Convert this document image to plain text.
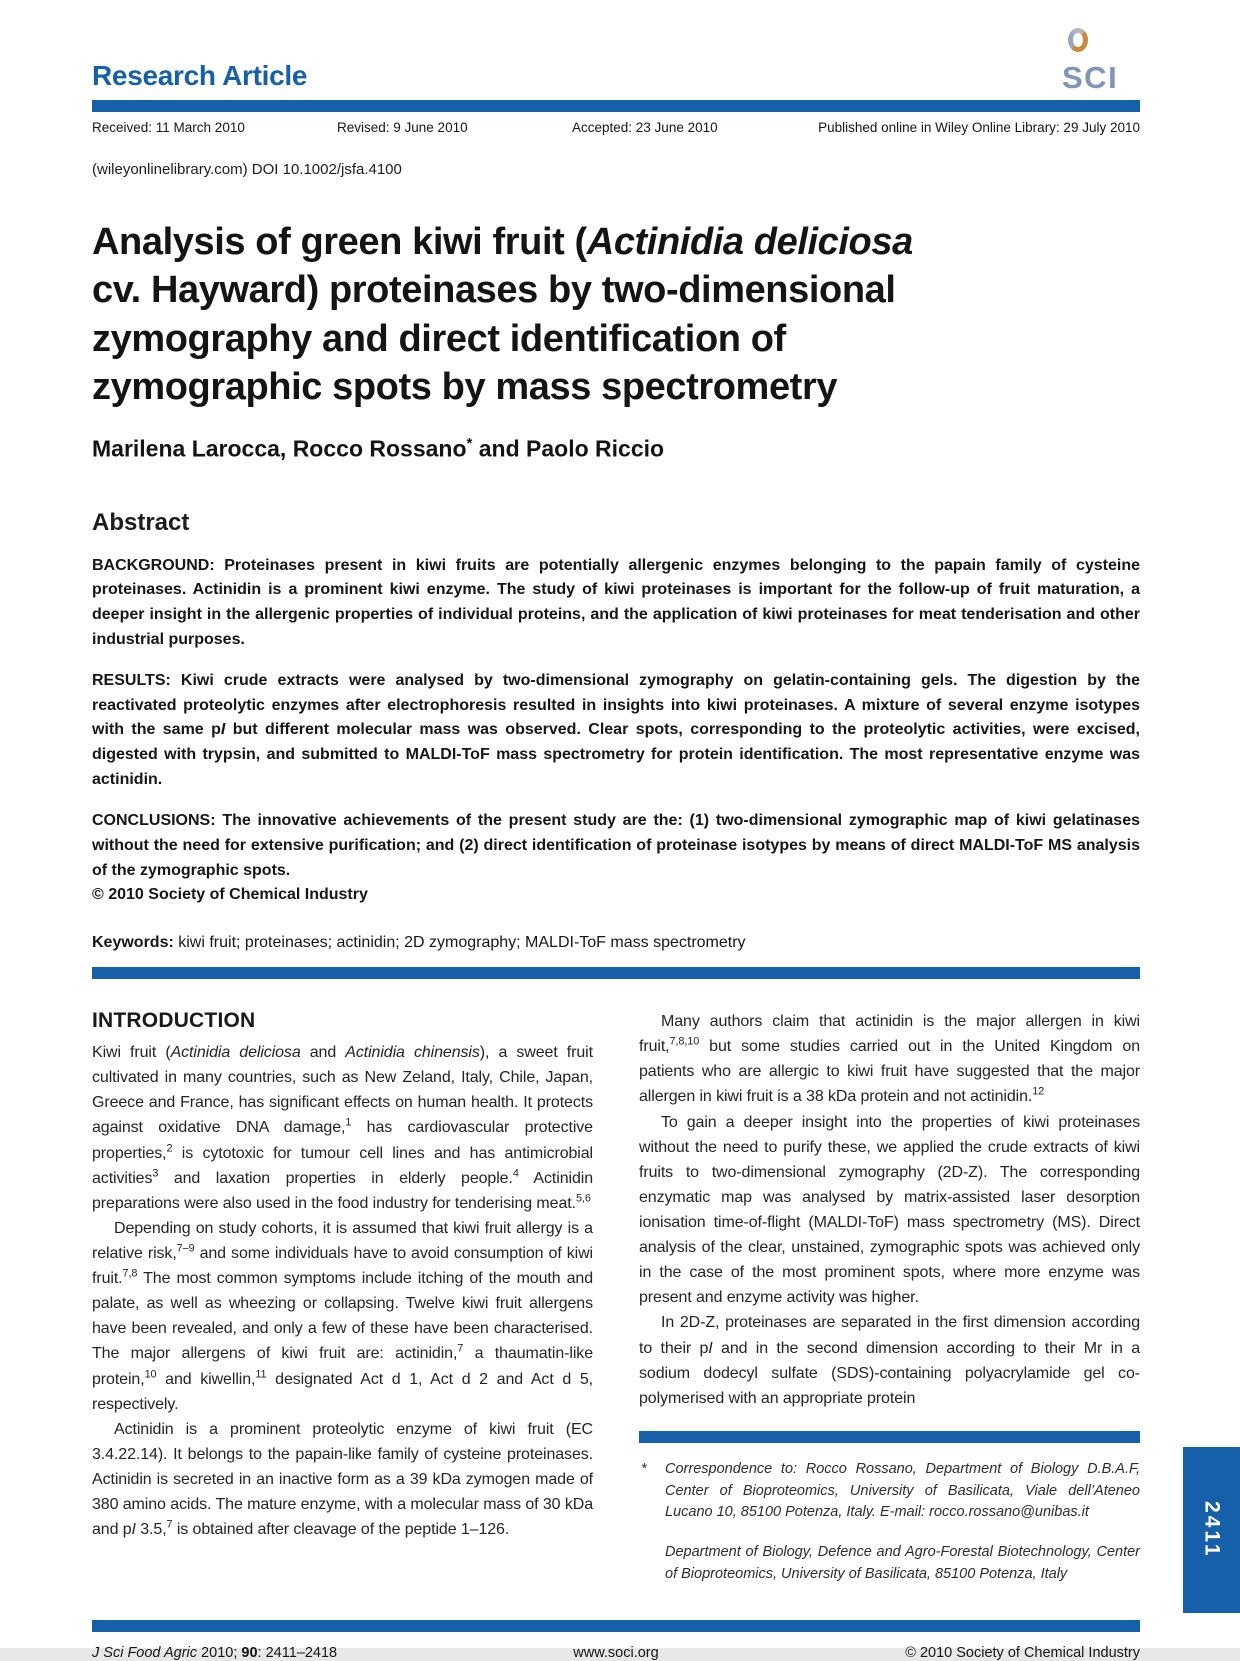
Research Article	SCI
Received: 11 March 2010	Revised: 9 June 2010	Accepted: 23 June 2010	Published online in Wiley Online Library: 29 July 2010
(wileyonlinelibrary.com) DOI 10.1002/jsfa.4100
Analysis of green kiwi fruit (Actinidia deliciosa
cv. Hayward) proteinases by two-dimensional
zymography and direct identification of
zymographic spots by mass spectrometry
Marilena Larocca, Rocco Rossano* and Paolo Riccio
Abstract

BACKGROUND: Proteinases present in kiwi fruits are potentially allergenic enzymes belonging to the papain family of cysteine proteinases. Actinidin is a prominent kiwi enzyme. The study of kiwi proteinases is important for the follow-up of fruit maturation, a deeper insight in the allergenic properties of individual proteins, and the application of kiwi proteinases for meat tenderisation and other industrial purposes.

RESULTS: Kiwi crude extracts were analysed by two-dimensional zymography on gelatin-containing gels. The digestion by the reactivated proteolytic enzymes after electrophoresis resulted in insights into kiwi proteinases. A mixture of several enzyme isotypes with the same pI but different molecular mass was observed. Clear spots, corresponding to the proteolytic activities, were excised, digested with trypsin, and submitted to MALDI-ToF mass spectrometry for protein identification. The most representative enzyme was actinidin.

CONCLUSIONS: The innovative achievements of the present study are the: (1) two-dimensional zymographic map of kiwi gelatinases without the need for extensive purification; and (2) direct identification of proteinase isotypes by means of direct MALDI-ToF MS analysis of the zymographic spots.

© 2010 Society of Chemical Industry
Keywords: kiwi fruit; proteinases; actinidin; 2D zymography; MALDI-ToF mass spectrometry
INTRODUCTION

Kiwi fruit (Actinidia deliciosa and Actinidia chinensis), a sweet fruit cultivated in many countries, such as New Zeland, Italy, Chile, Japan, Greece and France, has significant effects on human health. It protects against oxidative DNA damage,$^1$ has cardiovascular protective properties,$^2$ is cytotoxic for tumour cell lines and has antimicrobial activities$^3$ and laxation properties in elderly people.$^4$ Actinidin preparations were also used in the food industry for tenderising meat.$^{5,6}$

Depending on study cohorts, it is assumed that kiwi fruit allergy is a relative risk,$^{7-9}$ and some individuals have to avoid consumption of kiwi fruit.$^{7,8}$ The most common symptoms include itching of the mouth and palate, as well as wheezing or collapsing. Twelve kiwi fruit allergens have been revealed, and only a few of these have been characterised. The major allergens of kiwi fruit are: actinidin,$^7$ a thaumatin-like protein,$^{10}$ and kiwellin,$^{11}$ designated Act d 1, Act d 2 and Act d 5, respectively.

Actinidin is a prominent proteolytic enzyme of kiwi fruit (EC 3.4.22.14). It belongs to the papain-like family of cysteine proteinases. Actinidin is secreted in an inactive form as a 39 kDa zymogen made of 380 amino acids. The mature enzyme, with a molecular mass of 30 kDa and pI 3.5,$^7$ is obtained after cleavage of the peptide 1–126.

Many authors claim that actinidin is the major allergen in kiwi fruit,$^{7,8,10}$ but some studies carried out in the United Kingdom on patients who are allergic to kiwi fruit have suggested that the major allergen in kiwi fruit is a 38 kDa protein and not actinidin.$^{12}$

To gain a deeper insight into the properties of kiwi proteinases without the need to purify these, we applied the crude extracts of kiwi fruits to two-dimensional zymography (2D-Z). The corresponding enzymatic map was analysed by matrix-assisted laser desorption ionisation time-of-flight (MALDI-ToF) mass spectrometry (MS). Direct analysis of the clear, unstained, zymographic spots was achieved only in the case of the most prominent spots, where more enzyme was present and enzyme activity was higher.

In 2D-Z, proteinases are separated in the first dimension according to their pI and in the second dimension according to their Mr in a sodium dodecyl sulfate (SDS)-containing polyacrylamide gel co-polymerised with an appropriate protein

*	Correspondence to: Rocco Rossano, Department of Biology D.B.A.F, Center of Bioproteomics, University of Basilicata, Viale dell’Ateneo Lucano 10, 85100 Potenza, Italy. E-mail: rocco.rossano@unibas.it
Department of Biology, Defence and Agro-Forestal Biotechnology, Center of Bioproteomics, University of Basilicata, 85100 Potenza, Italy
J Sci Food Agric 2010; 90: 2411–2418	www.soci.org	© 2010 Society of Chemical Industry
2411
